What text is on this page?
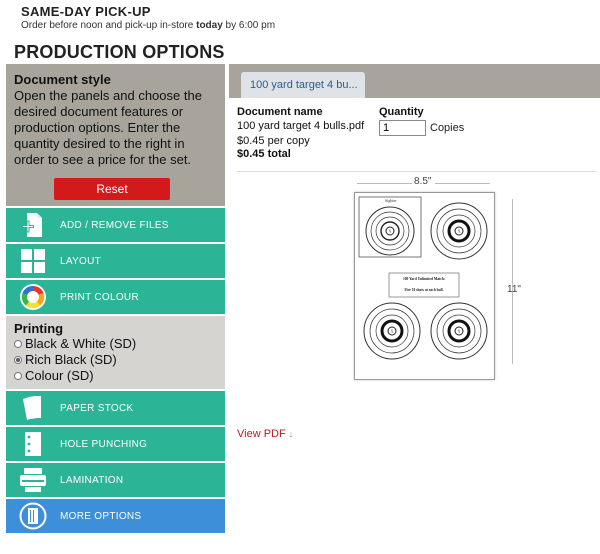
SAME-DAY PICK-UP
Order before noon and pick-up in-store today by 6:00 pm
PRODUCTION OPTIONS
Document style
Open the panels and choose the desired document features or production options. Enter the quantity desired to the right in order to see a price for the set.
Reset
ADD / REMOVE FILES
LAYOUT
PRINT COLOUR
Printing
Black & White (SD)
Rich Black (SD)
Colour (SD)
PAPER STOCK
HOLE PUNCHING
LAMINATION
MORE OPTIONS
100 yard target 4 bu...
Document name
100 yard target 4 bulls.pdf
Quantity
1
Copies
$0.45 per copy
$0.45 total
8.5"
11"
Sighter
X	X
100 Yard Unlimited Match:
Fire 10 shots at each bull.
X	X
View PDF ↓
